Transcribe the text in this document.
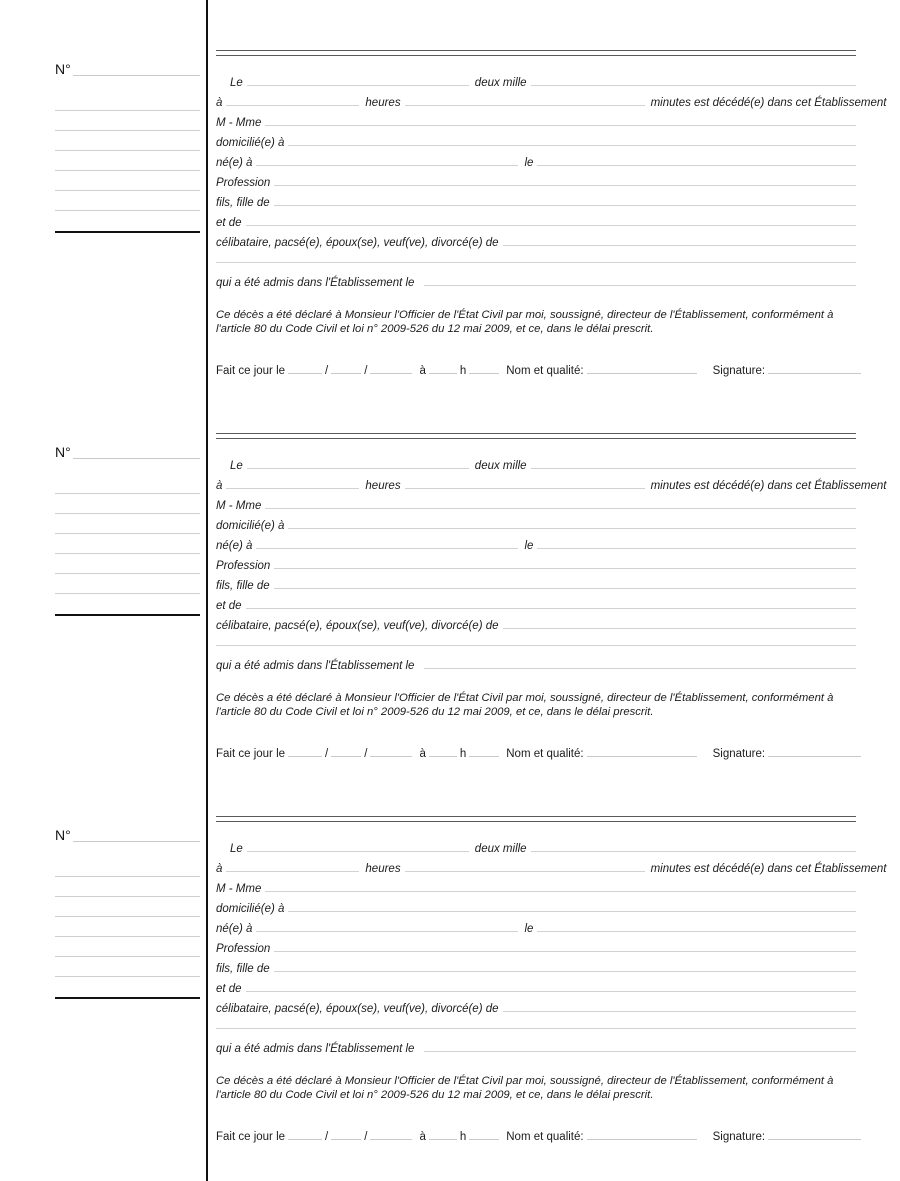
N°
Le	deux mille
à	heures	minutes est décédé(e) dans cet Établissement
M - Mme
domicilié(e) à
né(e) à	le
Profession
fils, fille de
et de
célibataire, pacsé(e), époux(se), veuf(ve), divorcé(e) de
qui a été admis dans l'Établissement le
Ce décès a été déclaré à Monsieur l'Officier de l'État Civil par moi, soussigné, directeur de l'Établissement, conformément à l'article 80 du Code Civil et loi n° 2009-526 du 12 mai 2009, et ce, dans le délai prescrit.
Fait ce jour le	/	/	à	h	Nom et qualité:	Signature:
N°
Le	deux mille
à	heures	minutes est décédé(e) dans cet Établissement
M - Mme
domicilié(e) à
né(e) à	le
Profession
fils, fille de
et de
célibataire, pacsé(e), époux(se), veuf(ve), divorcé(e) de
qui a été admis dans l'Établissement le
Ce décès a été déclaré à Monsieur l'Officier de l'État Civil par moi, soussigné, directeur de l'Établissement, conformément à l'article 80 du Code Civil et loi n° 2009-526 du 12 mai 2009, et ce, dans le délai prescrit.
Fait ce jour le	/	/	à	h	Nom et qualité:	Signature:
N°
Le	deux mille
à	heures	minutes est décédé(e) dans cet Établissement
M - Mme
domicilié(e) à
né(e) à	le
Profession
fils, fille de
et de
célibataire, pacsé(e), époux(se), veuf(ve), divorcé(e) de
qui a été admis dans l'Établissement le
Ce décès a été déclaré à Monsieur l'Officier de l'État Civil par moi, soussigné, directeur de l'Établissement, conformément à l'article 80 du Code Civil et loi n° 2009-526 du 12 mai 2009, et ce, dans le délai prescrit.
Fait ce jour le	/	/	à	h	Nom et qualité:	Signature:
